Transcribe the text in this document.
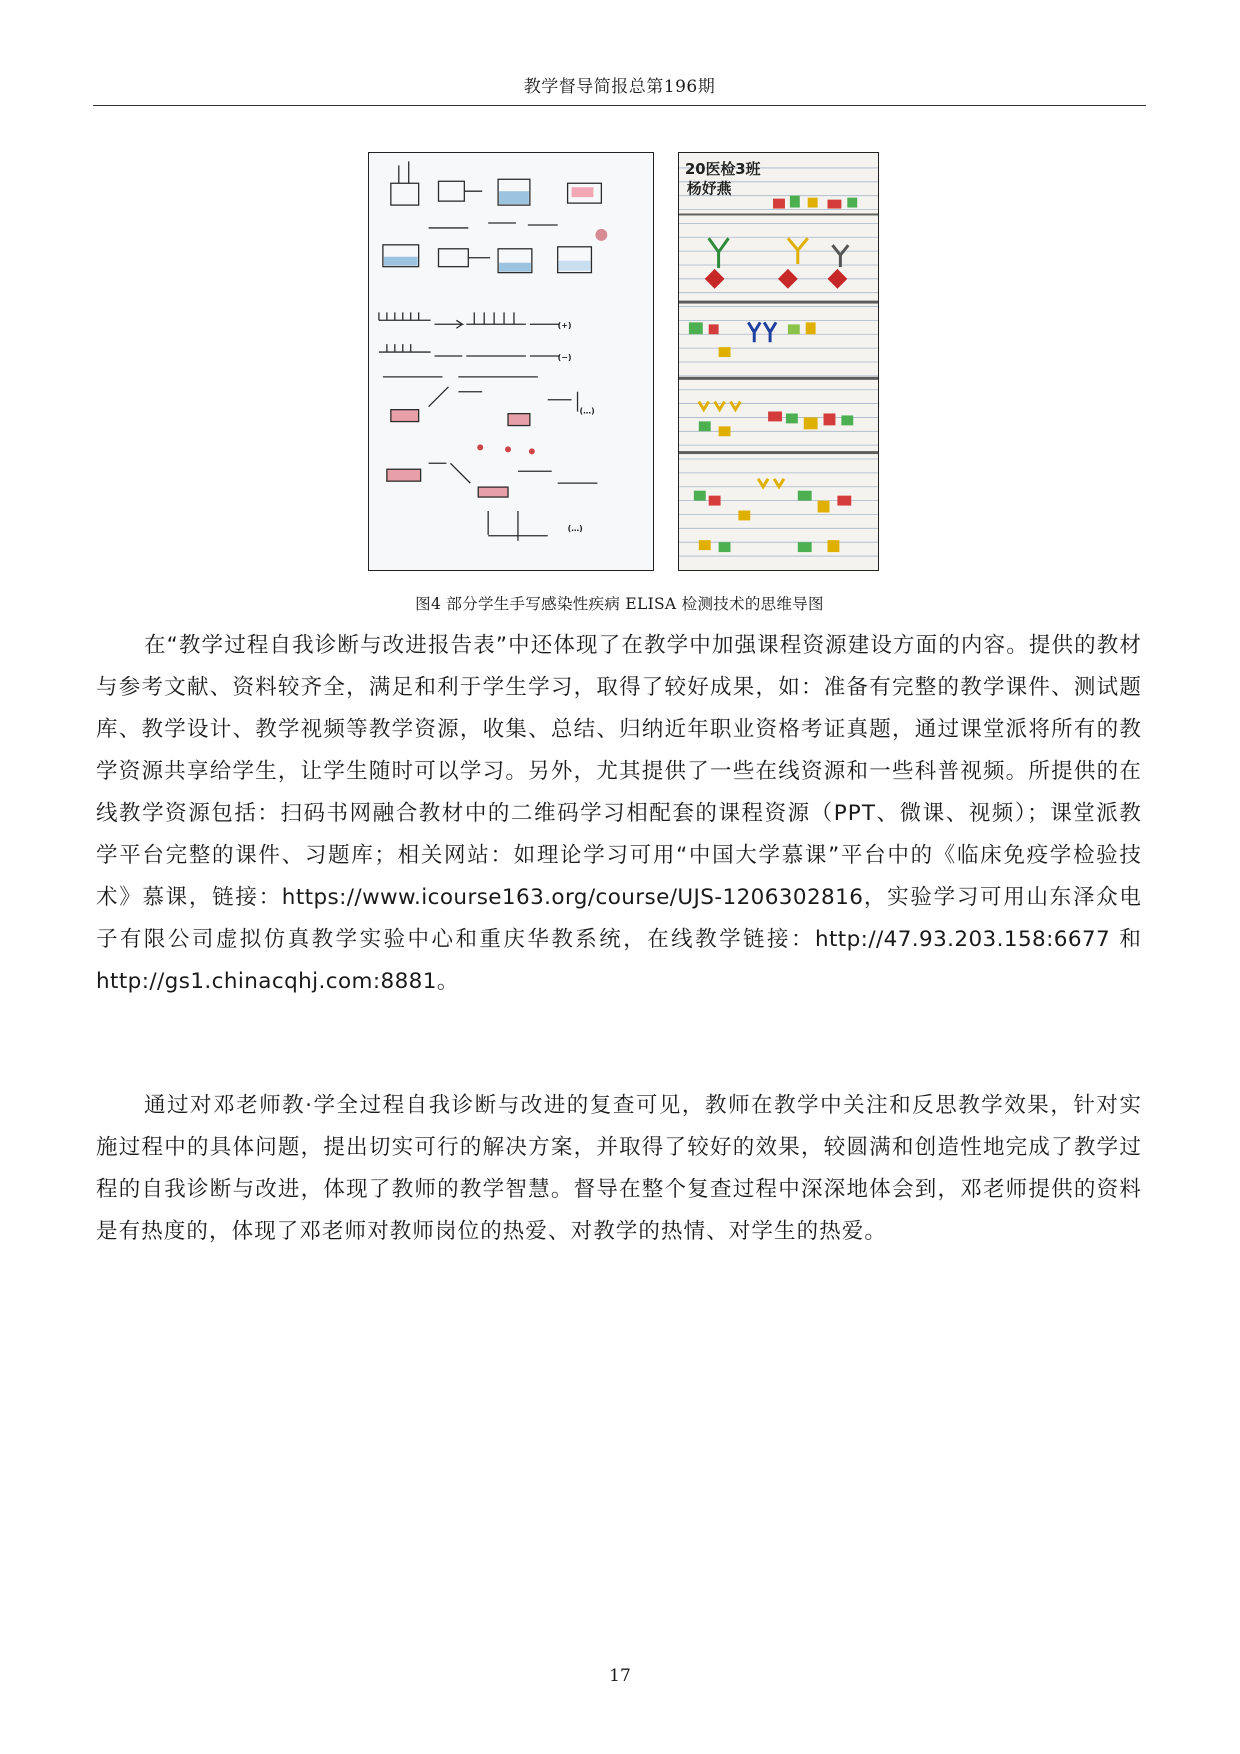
教学督导简报总第196期
(+)
(−)
(…)
(…)
20医检3班
杨妤燕
图4 部分学生手写感染性疾病 ELISA 检测技术的思维导图
在“教学过程自我诊断与改进报告表”中还体现了在教学中加强课程资源建设方面的内容。提供的教材与参考文献、资料较齐全，满足和利于学生学习，取得了较好成果，如：准备有完整的教学课件、测试题库、教学设计、教学视频等教学资源，收集、总结、归纳近年职业资格考证真题，通过课堂派将所有的教学资源共享给学生，让学生随时可以学习。另外，尤其提供了一些在线资源和一些科普视频。所提供的在线教学资源包括：扫码书网融合教材中的二维码学习相配套的课程资源（PPT、微课、视频）；课堂派教学平台完整的课件、习题库；相关网站：如理论学习可用“中国大学慕课”平台中的《临床免疫学检验技术》慕课，链接：https://www.icourse163.org/course/UJS-1206302816，实验学习可用山东泽众电子有限公司虚拟仿真教学实验中心和重庆华教系统，在线教学链接：http://47.93.203.158:6677 和 http://gs1.chinacqhj.com:8881。
通过对邓老师教·学全过程自我诊断与改进的复查可见，教师在教学中关注和反思教学效果，针对实施过程中的具体问题，提出切实可行的解决方案，并取得了较好的效果，较圆满和创造性地完成了教学过程的自我诊断与改进，体现了教师的教学智慧。督导在整个复查过程中深深地体会到，邓老师提供的资料是有热度的，体现了邓老师对教师岗位的热爱、对教学的热情、对学生的热爱。
17
